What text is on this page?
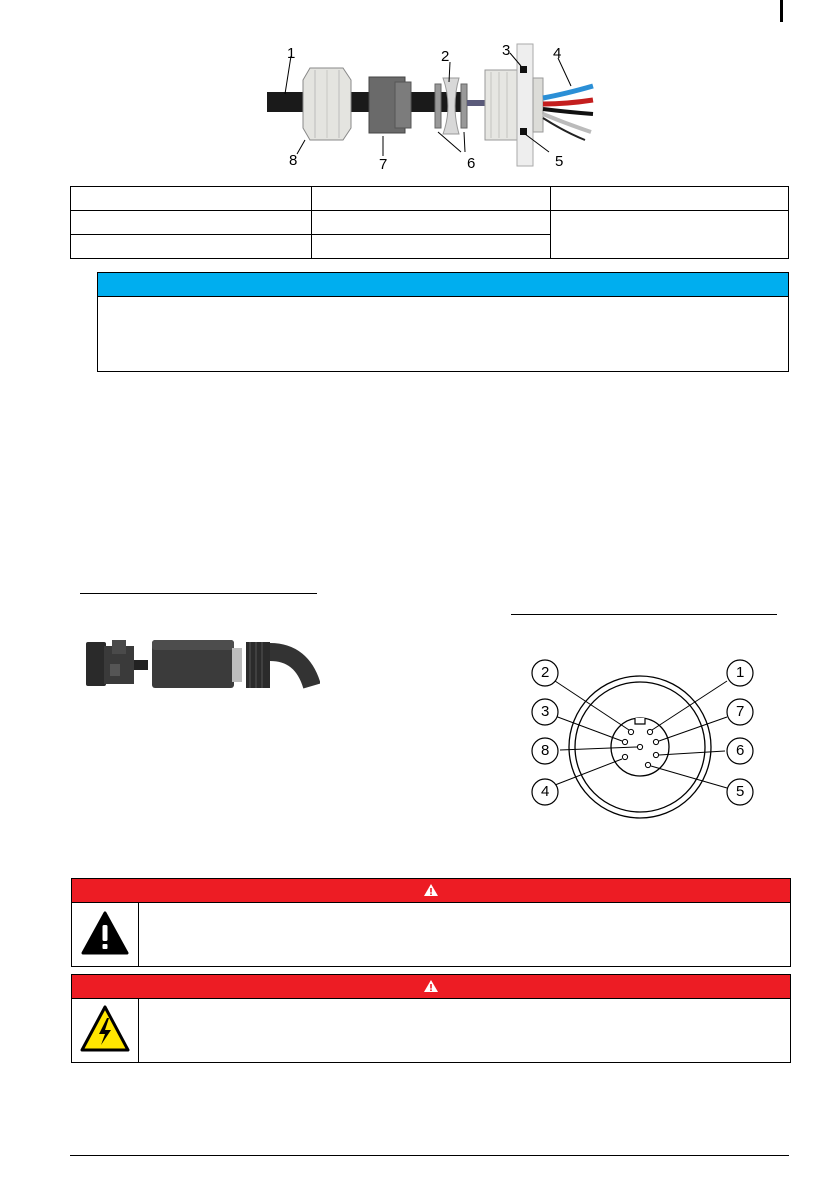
1	2	3	4
5
6
7
8

1
2
3	7
8	6
4	5
